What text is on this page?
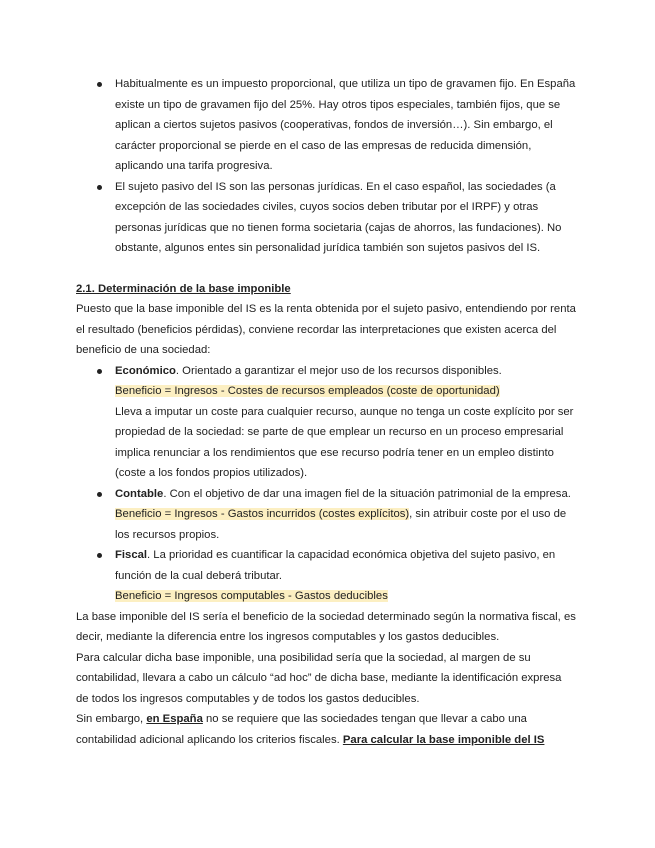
Habitualmente es un impuesto proporcional, que utiliza un tipo de gravamen fijo. En España existe un tipo de gravamen fijo del 25%. Hay otros tipos especiales, también fijos, que se aplican a ciertos sujetos pasivos (cooperativas, fondos de inversión…). Sin embargo, el carácter proporcional se pierde en el caso de las empresas de reducida dimensión, aplicando una tarifa progresiva.
El sujeto pasivo del IS son las personas jurídicas. En el caso español, las sociedades (a excepción de las sociedades civiles, cuyos socios deben tributar por el IRPF) y otras personas jurídicas que no tienen forma societaria (cajas de ahorros, las fundaciones). No obstante, algunos entes sin personalidad jurídica también son sujetos pasivos del IS.

2.1. Determinación de la base imponible

Puesto que la base imponible del IS es la renta obtenida por el sujeto pasivo, entendiendo por renta el resultado (beneficios pérdidas), conviene recordar las interpretaciones que existen acerca del beneficio de una sociedad:

Económico. Orientado a garantizar el mejor uso de los recursos disponibles.
Beneficio = Ingresos - Costes de recursos empleados (coste de oportunidad)
Lleva a imputar un coste para cualquier recurso, aunque no tenga un coste explícito por ser propiedad de la sociedad: se parte de que emplear un recurso en un proceso empresarial implica renunciar a los rendimientos que ese recurso podría tener en un empleo distinto (coste a los fondos propios utilizados).
Contable. Con el objetivo de dar una imagen fiel de la situación patrimonial de la empresa.
Beneficio = Ingresos - Gastos incurridos (costes explícitos), sin atribuir coste por el uso de los recursos propios.
Fiscal. La prioridad es cuantificar la capacidad económica objetiva del sujeto pasivo, en función de la cual deberá tributar.
Beneficio = Ingresos computables - Gastos deducibles

La base imponible del IS sería el beneficio de la sociedad determinado según la normativa fiscal, es decir, mediante la diferencia entre los ingresos computables y los gastos deducibles.

Para calcular dicha base imponible, una posibilidad sería que la sociedad, al margen de su contabilidad, llevara a cabo un cálculo “ad hoc” de dicha base, mediante la identificación expresa de todos los ingresos computables y de todos los gastos deducibles.

Sin embargo, en España no se requiere que las sociedades tengan que llevar a cabo una contabilidad adicional aplicando los criterios fiscales. Para calcular la base imponible del IS
